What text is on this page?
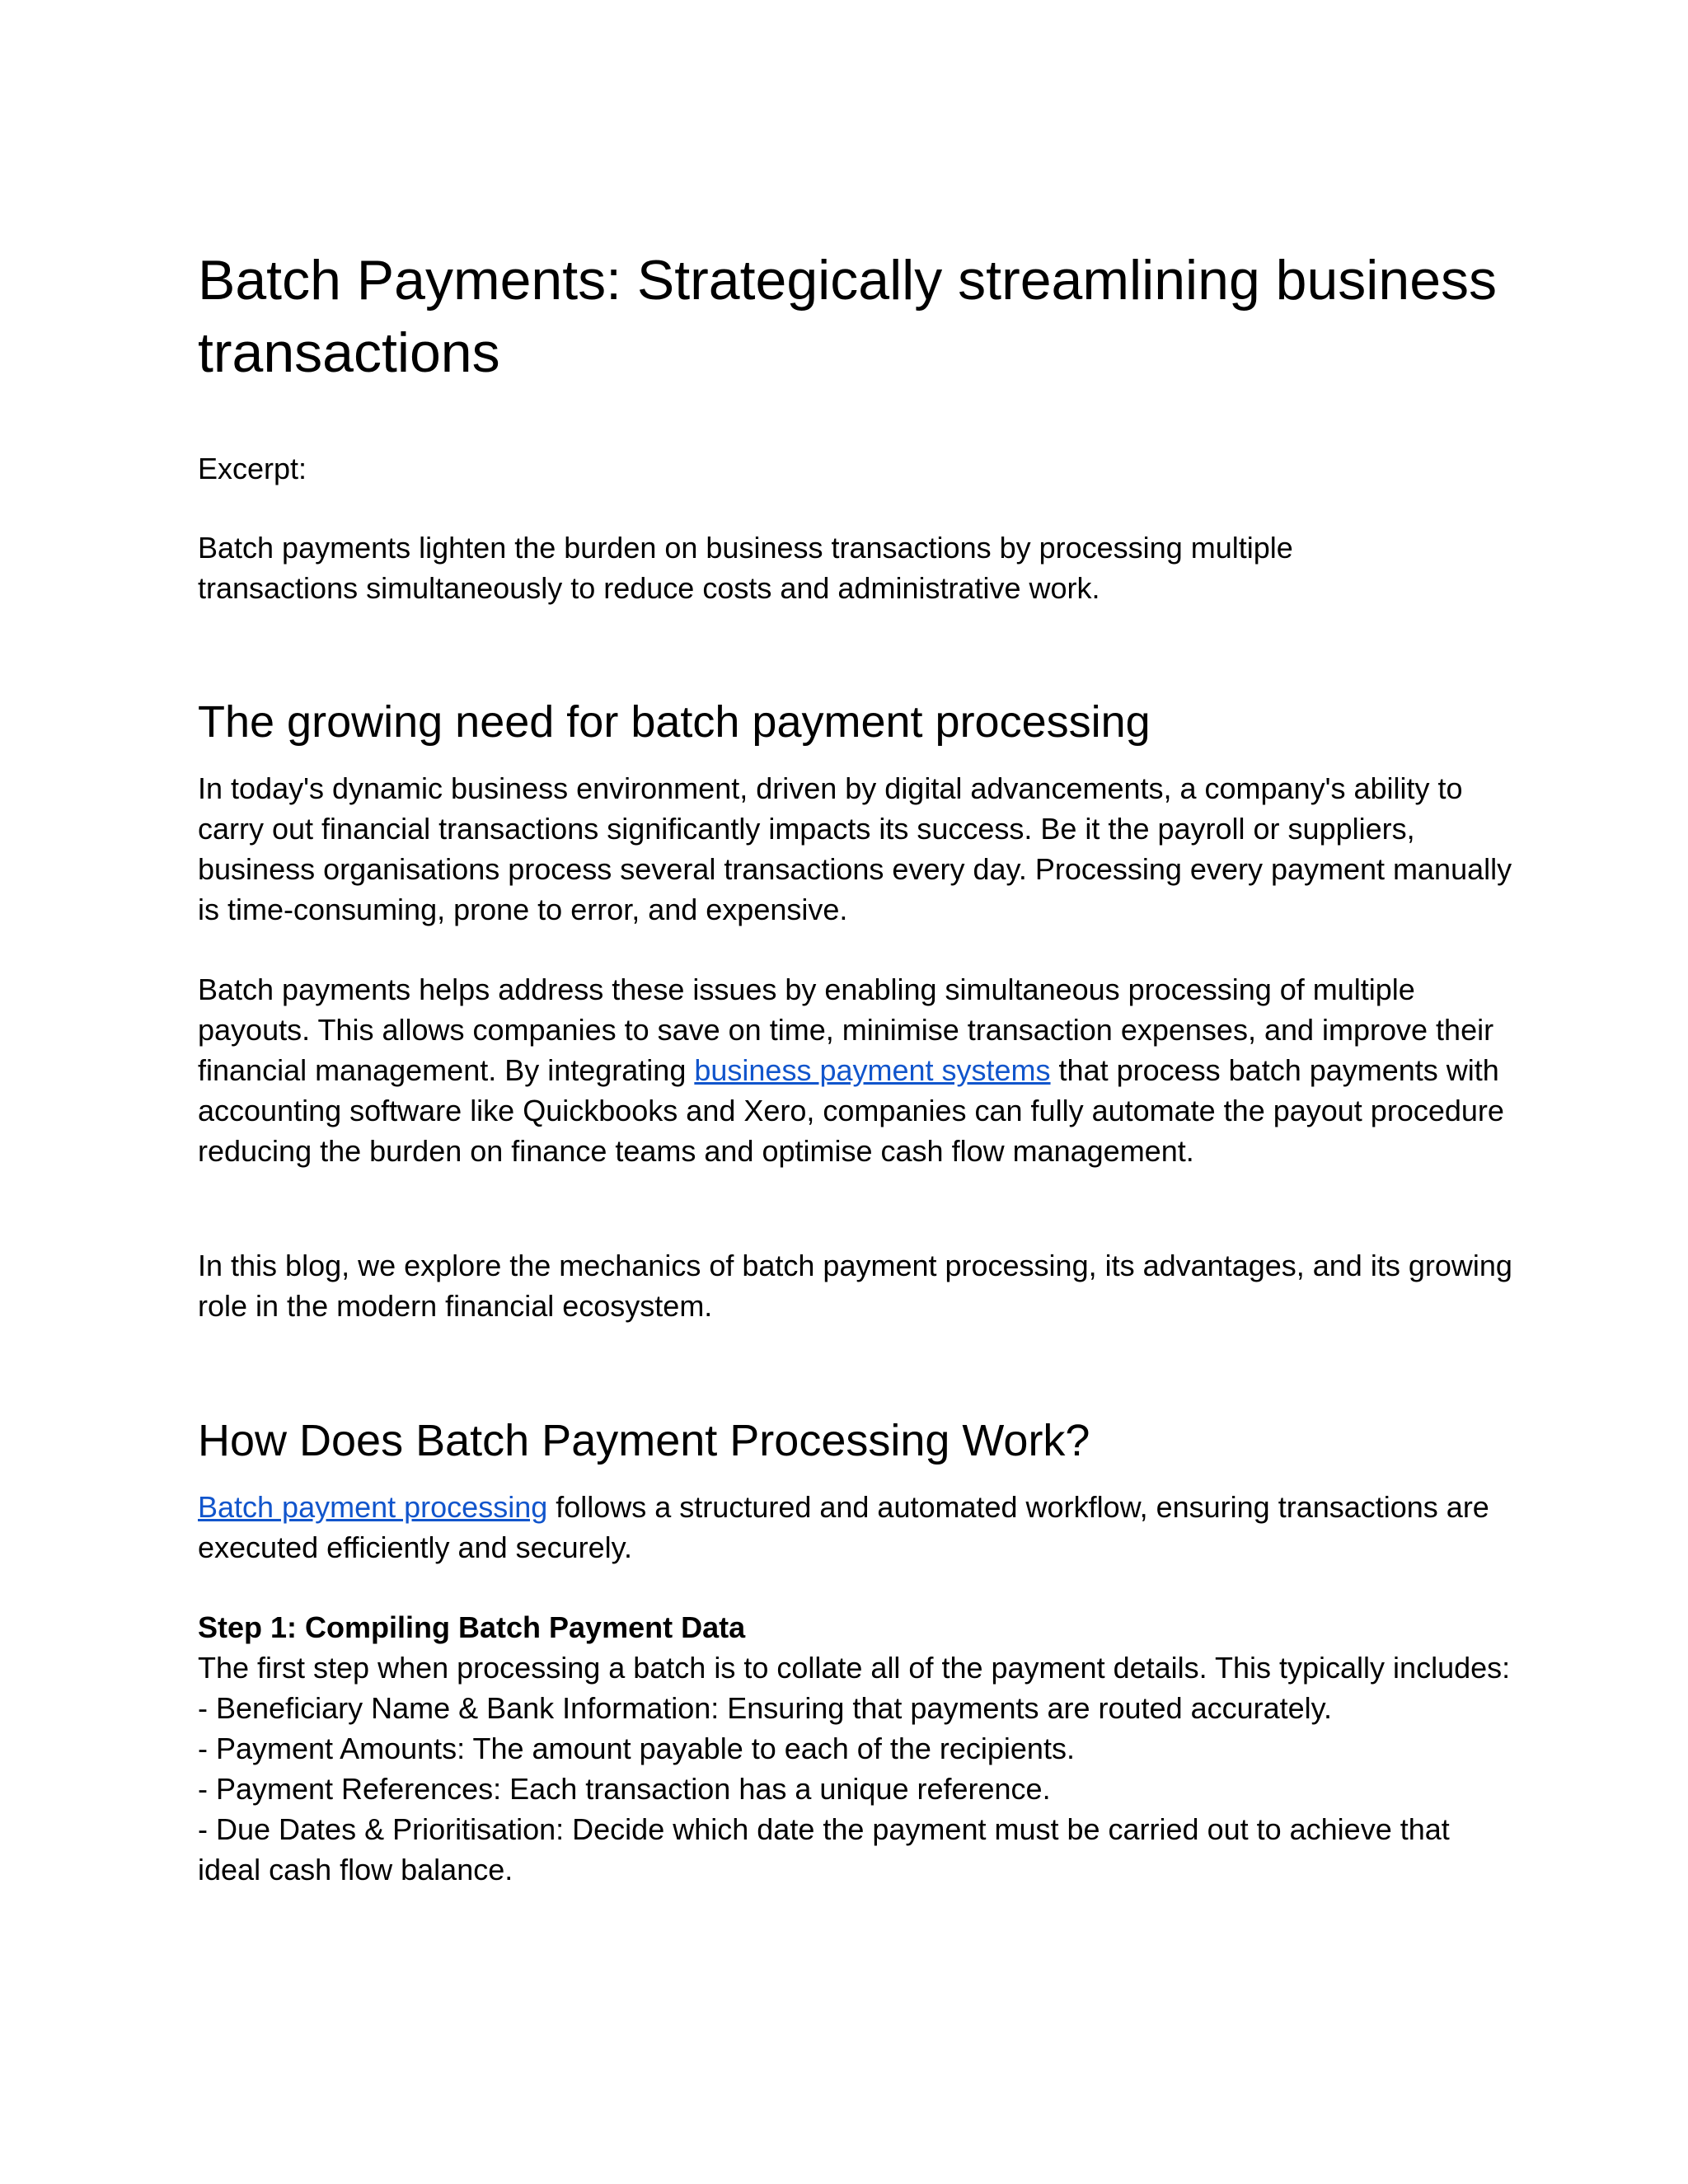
Batch Payments: Strategically streamlining business transactions

Excerpt:

Batch payments lighten the burden on business transactions by processing multiple transactions simultaneously to reduce costs and administrative work.

The growing need for batch payment processing

In today's dynamic business environment, driven by digital advancements, a company's ability to carry out financial transactions significantly impacts its success. Be it the payroll or suppliers, business organisations process several transactions every day. Processing every payment manually is time-consuming, prone to error, and expensive.

Batch payments helps address these issues by enabling simultaneous processing of multiple payouts. This allows companies to save on time, minimise transaction expenses, and improve their financial management. By integrating business payment systems that process batch payments with accounting software like Quickbooks and Xero, companies can fully automate the payout procedure reducing the burden on finance teams and optimise cash flow management.

In this blog, we explore the mechanics of batch payment processing, its advantages, and its growing role in the modern financial ecosystem.

How Does Batch Payment Processing Work?

Batch payment processing follows a structured and automated workflow, ensuring transactions are executed efficiently and securely.

Step 1: Compiling Batch Payment Data

The first step when processing a batch is to collate all of the payment details. This typically includes:
- Beneficiary Name & Bank Information: Ensuring that payments are routed accurately.
- Payment Amounts: The amount payable to each of the recipients.
- Payment References: Each transaction has a unique reference.
- Due Dates & Prioritisation: Decide which date the payment must be carried out to achieve that ideal cash flow balance.
